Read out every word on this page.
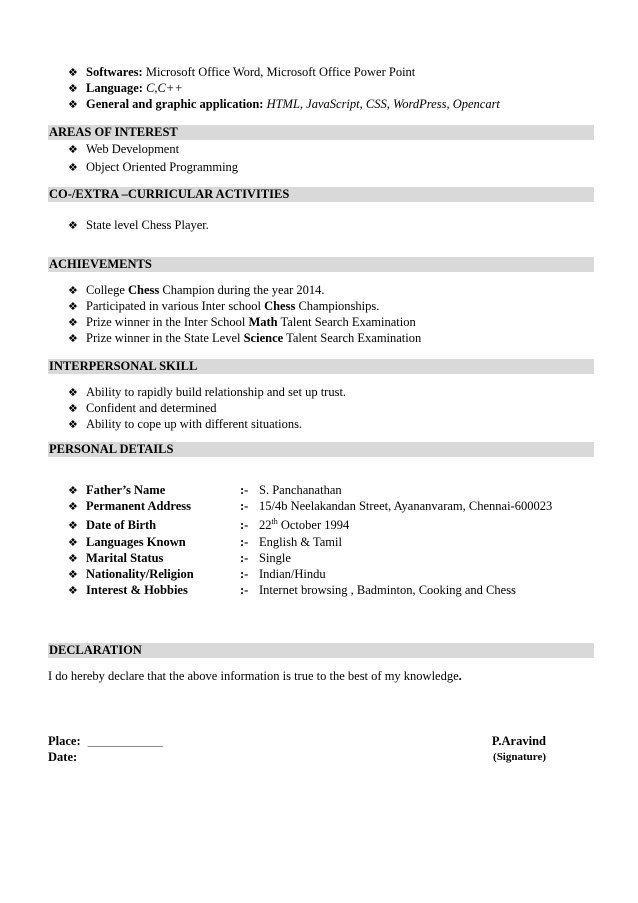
❖ Softwares: Microsoft Office Word, Microsoft Office Power Point
❖ Language: C,C++
❖ General and graphic application: HTML, JavaScript, CSS, WordPress, Opencart
AREAS OF INTEREST
❖ Web Development
❖ Object Oriented Programming
CO-/EXTRA –CURRICULAR ACTIVITIES
❖ State level Chess Player.
ACHIEVEMENTS
❖ College Chess Champion during the year 2014.
❖ Participated in various Inter school Chess Championships.
❖ Prize winner in the Inter School Math Talent Search Examination
❖ Prize winner in the State Level Science Talent Search Examination
INTERPERSONAL SKILL
❖ Ability to rapidly build relationship and set up trust.
❖ Confident and determined
❖ Ability to cope up with different situations.
PERSONAL DETAILS
❖ Father’s Name	:- S. Panchanathan
❖ Permanent Address	:- 15/4b Neelakandan Street, Ayananvaram, Chennai-600023
❖ Date of Birth	:- 22th October 1994
❖ Languages Known	:- English & Tamil
❖ Marital Status	:- Single
❖ Nationality/Religion	:- Indian/Hindu
❖ Interest & Hobbies	:- Internet browsing , Badminton, Cooking and Chess
DECLARATION
I do hereby declare that the above information is true to the best of my knowledge.
Place: ____________
Date:
P.Aravind
(Signature)
